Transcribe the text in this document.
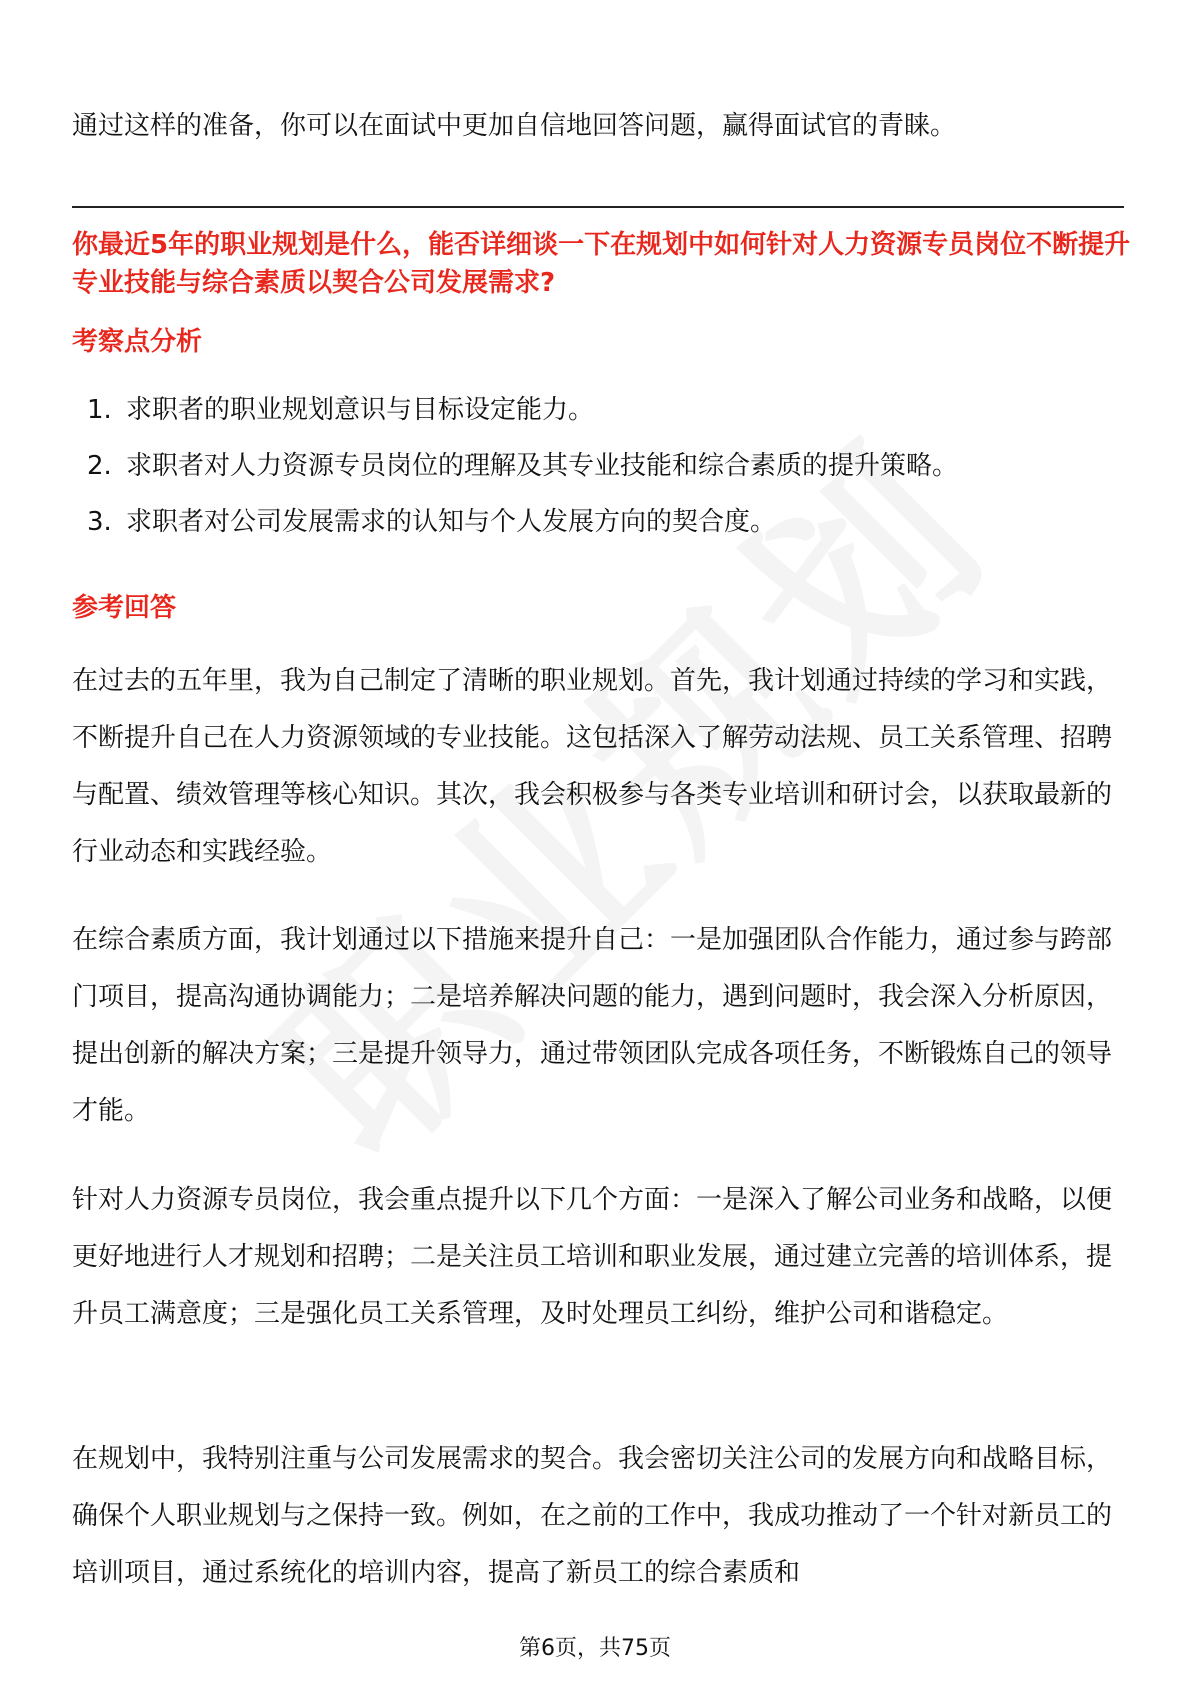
通过这样的准备，你可以在面试中更加自信地回答问题，赢得面试官的青睐。

你最近5年的职业规划是什么，能否详细谈一下在规划中如何针对人力资源专员岗位不断提升专业技能与综合素质以契合公司发展需求?
考察点分析
1. 求职者的职业规划意识与目标设定能力。
2. 求职者对人力资源专员岗位的理解及其专业技能和综合素质的提升策略。
3. 求职者对公司发展需求的认知与个人发展方向的契合度。
参考回答

在过去的五年里，我为自己制定了清晰的职业规划。首先，我计划通过持续的学习和实践，不断提升自己在人力资源领域的专业技能。这包括深入了解劳动法规、员工关系管理、招聘与配置、绩效管理等核心知识。其次，我会积极参与各类专业培训和研讨会，以获取最新的行业动态和实践经验。

在综合素质方面，我计划通过以下措施来提升自己：一是加强团队合作能力，通过参与跨部门项目，提高沟通协调能力；二是培养解决问题的能力，遇到问题时，我会深入分析原因，提出创新的解决方案；三是提升领导力，通过带领团队完成各项任务，不断锻炼自己的领导才能。

针对人力资源专员岗位，我会重点提升以下几个方面：一是深入了解公司业务和战略，以便更好地进行人才规划和招聘；二是关注员工培训和职业发展，通过建立完善的培训体系，提升员工满意度；三是强化员工关系管理，及时处理员工纠纷，维护公司和谐稳定。

在规划中，我特别注重与公司发展需求的契合。我会密切关注公司的发展方向和战略目标，确保个人职业规划与之保持一致。例如，在之前的工作中，我成功推动了一个针对新员工的培训项目，通过系统化的培训内容，提高了新员工的综合素质和

第6页，共75页
